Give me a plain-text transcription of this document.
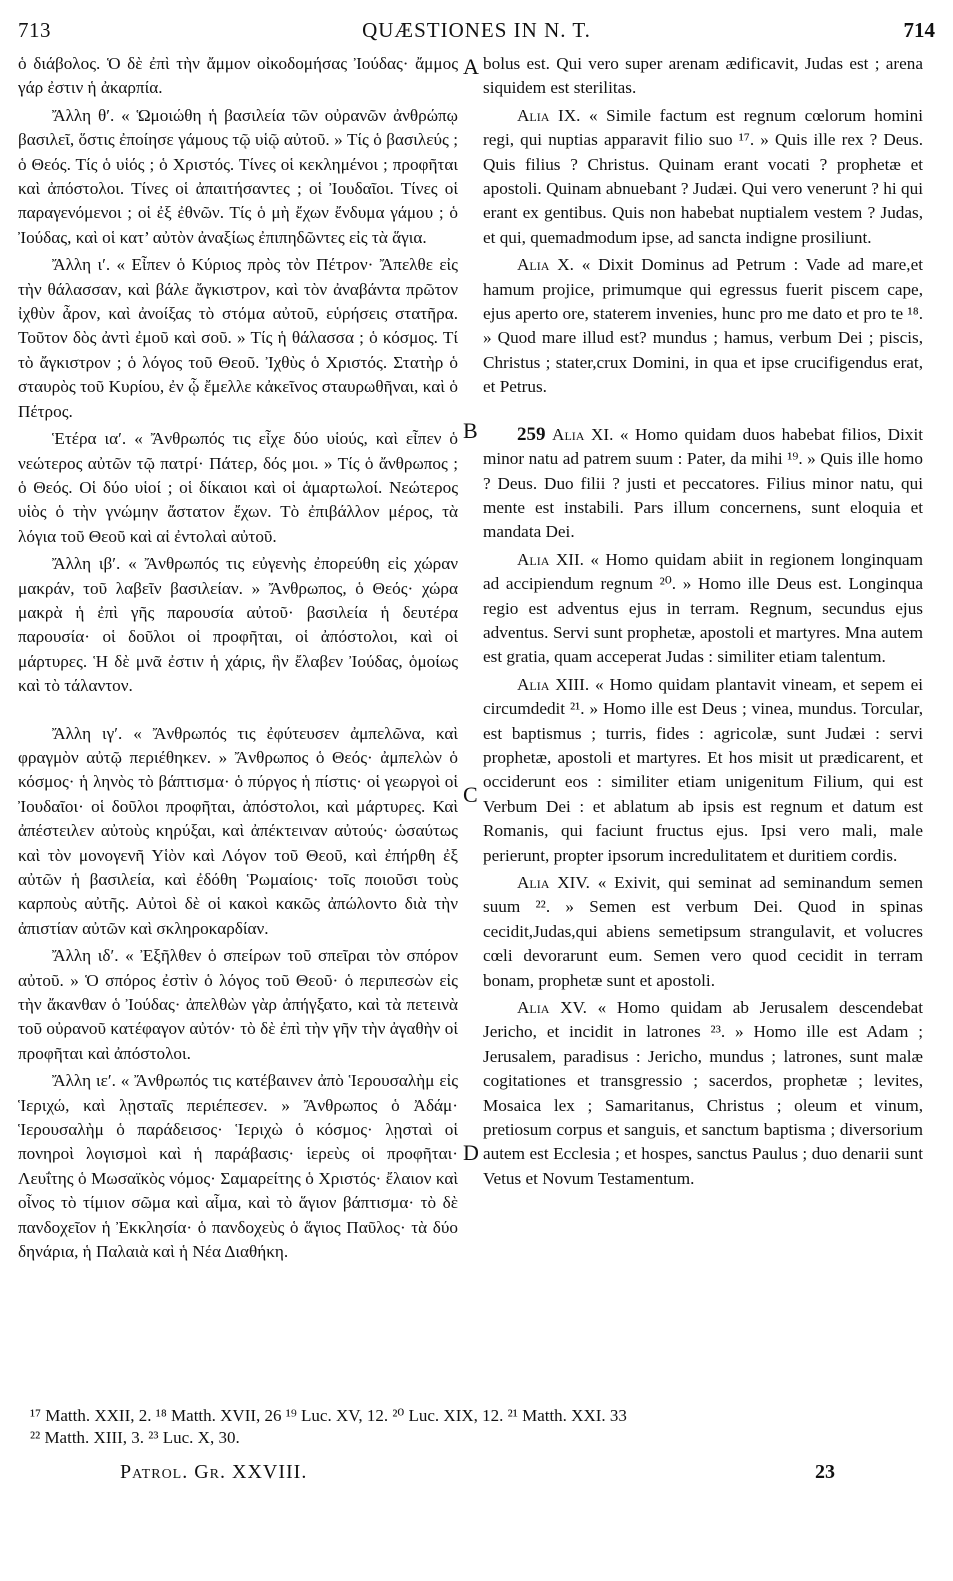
713	QUÆSTIONES IN N. T.	714
A
B
C
D

ὁ διάβολος. Ὁ δὲ ἐπὶ τὴν ἄμμον οἰκοδομήσας Ἰούδας· ἄμμος γάρ ἐστιν ἡ ἀκαρπία.

Ἄλλη θ′. « Ὡμοιώθη ἡ βασιλεία τῶν οὐρανῶν ἀνθρώπῳ βασιλεῖ, ὅστις ἐποίησε γάμους τῷ υἱῷ αὐτοῦ. » Τίς ὁ βασιλεύς ; ὁ Θεός. Τίς ὁ υἱός ; ὁ Χριστός. Τίνες οἱ κεκλημένοι ; προφῆται καὶ ἀπόστολοι. Τίνες οἱ ἀπαιτήσαντες ; οἱ Ἰουδαῖοι. Τίνες οἱ παραγενόμενοι ; οἱ ἐξ ἐθνῶν. Τίς ὁ μὴ ἔχων ἔνδυμα γάμου ; ὁ Ἰούδας, καὶ οἱ κατ’ αὐτὸν ἀναξίως ἐπιπηδῶντες εἰς τὰ ἅγια.

Ἄλλη ι′. « Εἶπεν ὁ Κύριος πρὸς τὸν Πέτρον· Ἄπελθε εἰς τὴν θάλασσαν, καὶ βάλε ἄγκιστρον, καὶ τὸν ἀναβάντα πρῶτον ἰχθὺν ἆρον, καὶ ἀνοίξας τὸ στόμα αὐτοῦ, εὑρήσεις στατῆρα. Τοῦτον δὸς ἀντὶ ἐμοῦ καὶ σοῦ. » Τίς ἡ θάλασσα ; ὁ κόσμος. Τί τὸ ἄγκιστρον ; ὁ λόγος τοῦ Θεοῦ. Ἰχθὺς ὁ Χριστός. Στατὴρ ὁ σταυρὸς τοῦ Κυρίου, ἐν ᾧ ἔμελλε κἀκεῖνος σταυρωθῆναι, καὶ ὁ Πέτρος.

Ἑτέρα ια′. « Ἄνθρωπός τις εἶχε δύο υἱούς, καὶ εἶπεν ὁ νεώτερος αὐτῶν τῷ πατρί· Πάτερ, δός μοι. » Τίς ὁ ἄνθρωπος ; ὁ Θεός. Οἱ δύο υἱοί ; οἱ δίκαιοι καὶ οἱ ἁμαρτωλοί. Νεώτερος υἱὸς ὁ τὴν γνώμην ἄστατον ἔχων. Τὸ ἐπιβάλλον μέρος, τὰ λόγια τοῦ Θεοῦ καὶ αἱ ἐντολαὶ αὐτοῦ.

Ἄλλη ιβ′. « Ἄνθρωπός τις εὐγενὴς ἐπορεύθη εἰς χώραν μακράν, τοῦ λαβεῖν βασιλείαν. » Ἄνθρωπος, ὁ Θεός· χώρα μακρὰ ἡ ἐπὶ γῆς παρουσία αὐτοῦ· βασιλεία ἡ δευτέρα παρουσία· οἱ δοῦλοι οἱ προφῆται, οἱ ἀπόστολοι, καὶ οἱ μάρτυρες. Ἡ δὲ μνᾶ ἐστιν ἡ χάρις, ἣν ἔλαβεν Ἰούδας, ὁμοίως καὶ τὸ τάλαντον.

Ἄλλη ιγ′. « Ἄνθρωπός τις ἐφύτευσεν ἀμπελῶνα, καὶ φραγμὸν αὐτῷ περιέθηκεν. » Ἄνθρωπος ὁ Θεός· ἀμπελὼν ὁ κόσμος· ἡ ληνὸς τὸ βάπτισμα· ὁ πύργος ἡ πίστις· οἱ γεωργοὶ οἱ Ἰουδαῖοι· οἱ δοῦλοι προφῆται, ἀπόστολοι, καὶ μάρτυρες. Καὶ ἀπέστειλεν αὐτοὺς κηρύξαι, καὶ ἀπέκτειναν αὐτούς· ὡσαύτως καὶ τὸν μονογενῆ Υἱὸν καὶ Λόγον τοῦ Θεοῦ, καὶ ἐπήρθη ἐξ αὐτῶν ἡ βασιλεία, καὶ ἐδόθη Ῥωμαίοις· τοῖς ποιοῦσι τοὺς καρποὺς αὐτῆς. Αὐτοὶ δὲ οἱ κακοὶ κακῶς ἀπώλοντο διὰ τὴν ἀπιστίαν αὐτῶν καὶ σκληροκαρδίαν.

Ἄλλη ιδ′. « Ἐξῆλθεν ὁ σπείρων τοῦ σπεῖραι τὸν σπόρον αὐτοῦ. » Ὁ σπόρος ἐστὶν ὁ λόγος τοῦ Θεοῦ· ὁ περιπεσὼν εἰς τὴν ἄκανθαν ὁ Ἰούδας· ἀπελθὼν γὰρ ἀπήγξατο, καὶ τὰ πετεινὰ τοῦ οὐρανοῦ κατέφαγον αὐτόν· τὸ δὲ ἐπὶ τὴν γῆν τὴν ἀγαθὴν οἱ προφῆται καὶ ἀπόστολοι.

Ἄλλη ιε′. « Ἄνθρωπός τις κατέβαινεν ἀπὸ Ἱερουσαλὴμ εἰς Ἱεριχώ, καὶ λῃσταῖς περιέπεσεν. » Ἄνθρωπος ὁ Ἀδάμ· Ἱερουσαλὴμ ὁ παράδεισος· Ἱεριχὼ ὁ κόσμος· λῃσταὶ οἱ πονηροὶ λογισμοὶ καὶ ἡ παράβασις· ἱερεὺς οἱ προφῆται· Λευΐτης ὁ Μωσαϊκὸς νόμος· Σαμαρείτης ὁ Χριστός· ἔλαιον καὶ οἶνος τὸ τίμιον σῶμα καὶ αἷμα, καὶ τὸ ἅγιον βάπτισμα· τὸ δὲ πανδοχεῖον ἡ Ἐκκλησία· ὁ πανδοχεὺς ὁ ἅγιος Παῦλος· τὰ δύο δηνάρια, ἡ Παλαιὰ καὶ ἡ Νέα Διαθήκη.

bolus est. Qui vero super arenam ædificavit, Judas est ; arena siquidem est sterilitas.

Alia IX. « Simile factum est regnum cœlorum homini regi, qui nuptias apparavit filio suo ¹⁷. » Quis ille rex ? Deus. Quis filius ? Christus. Quinam erant vocati ? prophetæ et apostoli. Quinam abnuebant ? Judæi. Qui vero venerunt ? hi qui erant ex gentibus. Quis non habebat nuptialem vestem ? Judas, et qui, quemadmodum ipse, ad sancta indigne prosiliunt.

Alia X. « Dixit Dominus ad Petrum : Vade ad mare,et hamum projice, primumque qui egressus fuerit piscem cape, ejus aperto ore, staterem invenies, hunc pro me dato et pro te ¹⁸. » Quod mare illud est? mundus ; hamus, verbum Dei ; piscis, Christus ; stater,crux Domini, in qua et ipse crucifigendus erat, et Petrus.

259 Alia XI. « Homo quidam duos habebat filios, Dixit minor natu ad patrem suum : Pater, da mihi ¹⁹. » Quis ille homo ? Deus. Duo filii ? justi et peccatores. Filius minor natu, qui mente est instabili. Pars illum concernens, sunt eloquia et mandata Dei.

Alia XII. « Homo quidam abiit in regionem longinquam ad accipiendum regnum ²⁰. » Homo ille Deus est. Longinqua regio est adventus ejus in terram. Regnum, secundus ejus adventus. Servi sunt prophetæ, apostoli et martyres. Mna autem est gratia, quam acceperat Judas : similiter etiam talentum.

Alia XIII. « Homo quidam plantavit vineam, et sepem ei circumdedit ²¹. » Homo ille est Deus ; vinea, mundus. Torcular, est baptismus ; turris, fides : agricolæ, sunt Judæi : servi prophetæ, apostoli et martyres. Et hos misit ut prædicarent, et occiderunt eos : similiter etiam unigenitum Filium, qui est Verbum Dei : et ablatum ab ipsis est regnum et datum est Romanis, qui faciunt fructus ejus. Ipsi vero mali, male perierunt, propter ipsorum incredulitatem et duritiem cordis.

Alia XIV. « Exivit, qui seminat ad seminandum semen suum ²². » Semen est verbum Dei. Quod in spinas cecidit,Judas,qui abiens semetipsum strangulavit, et volucres cœli devorarunt eum. Semen vero quod cecidit in terram bonam, prophetæ sunt et apostoli.

Alia XV. « Homo quidam ab Jerusalem descendebat Jericho, et incidit in latrones ²³. » Homo ille est Adam ; Jerusalem, paradisus : Jericho, mundus ; latrones, sunt malæ cogitationes et transgressio ; sacerdos, prophetæ ; levites, Mosaica lex ; Samaritanus, Christus ; oleum et vinum, pretiosum corpus et sanguis, et sanctum baptisma ; diversorium autem est Ecclesia ; et hospes, sanctus Paulus ; duo denarii sunt Vetus et Novum Testamentum.

¹⁷ Matth. XXII, 2. ¹⁸ Matth. XVII, 26 ¹⁹ Luc. XV, 12. ²⁰ Luc. XIX, 12. ²¹ Matth. XXI. 33
²² Matth. XIII, 3. ²³ Luc. X, 30.
Patrol. Gr. XXVIII.	23
